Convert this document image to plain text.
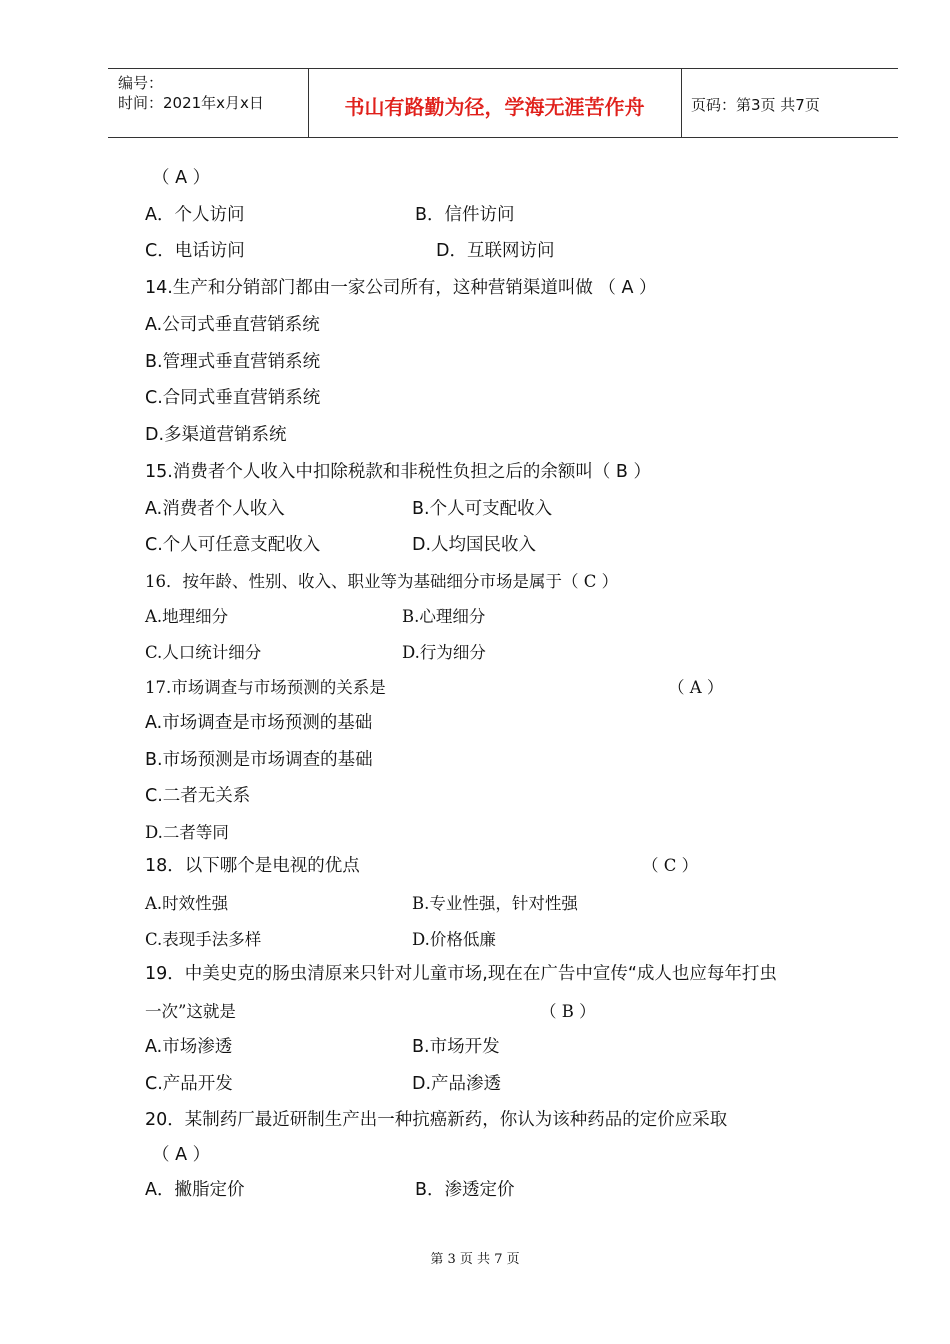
编号：
时间：2021年x月x日	书山有路勤为径，学海无涯苦作舟	页码：第3页 共7页
（ A ）
A．个人访问	B．信件访问
C．电话访问	D．互联网访问
14.生产和分销部门都由一家公司所有，这种营销渠道叫做 （ A ）
A.公司式垂直营销系统
B.管理式垂直营销系统
C.合同式垂直营销系统
D.多渠道营销系统
15.消费者个人收入中扣除税款和非税性负担之后的余额叫（ B ）
A.消费者个人收入	B.个人可支配收入
C.个人可任意支配收入	D.人均国民收入
16．按年龄、性别、收入、职业等为基础细分市场是属于（ C ）
A.地理细分	B.心理细分
C.人口统计细分	D.行为细分
17.市场调查与市场预测的关系是	（ A ）
A.市场调查是市场预测的基础
B.市场预测是市场调查的基础
C.二者无关系
D.二者等同
18．以下哪个是电视的优点	（ C ）
A.时效性强	B.专业性强，针对性强
C.表现手法多样	D.价格低廉
19．中美史克的肠虫清原来只针对儿童市场,现在在广告中宣传“成人也应每年打虫
一次”这就是	（ B ）
A.市场渗透	B.市场开发
C.产品开发	D.产品渗透
20．某制药厂最近研制生产出一种抗癌新药，你认为该种药品的定价应采取
（ A ）
A．撇脂定价	B．渗透定价
第 3 页 共 7 页
